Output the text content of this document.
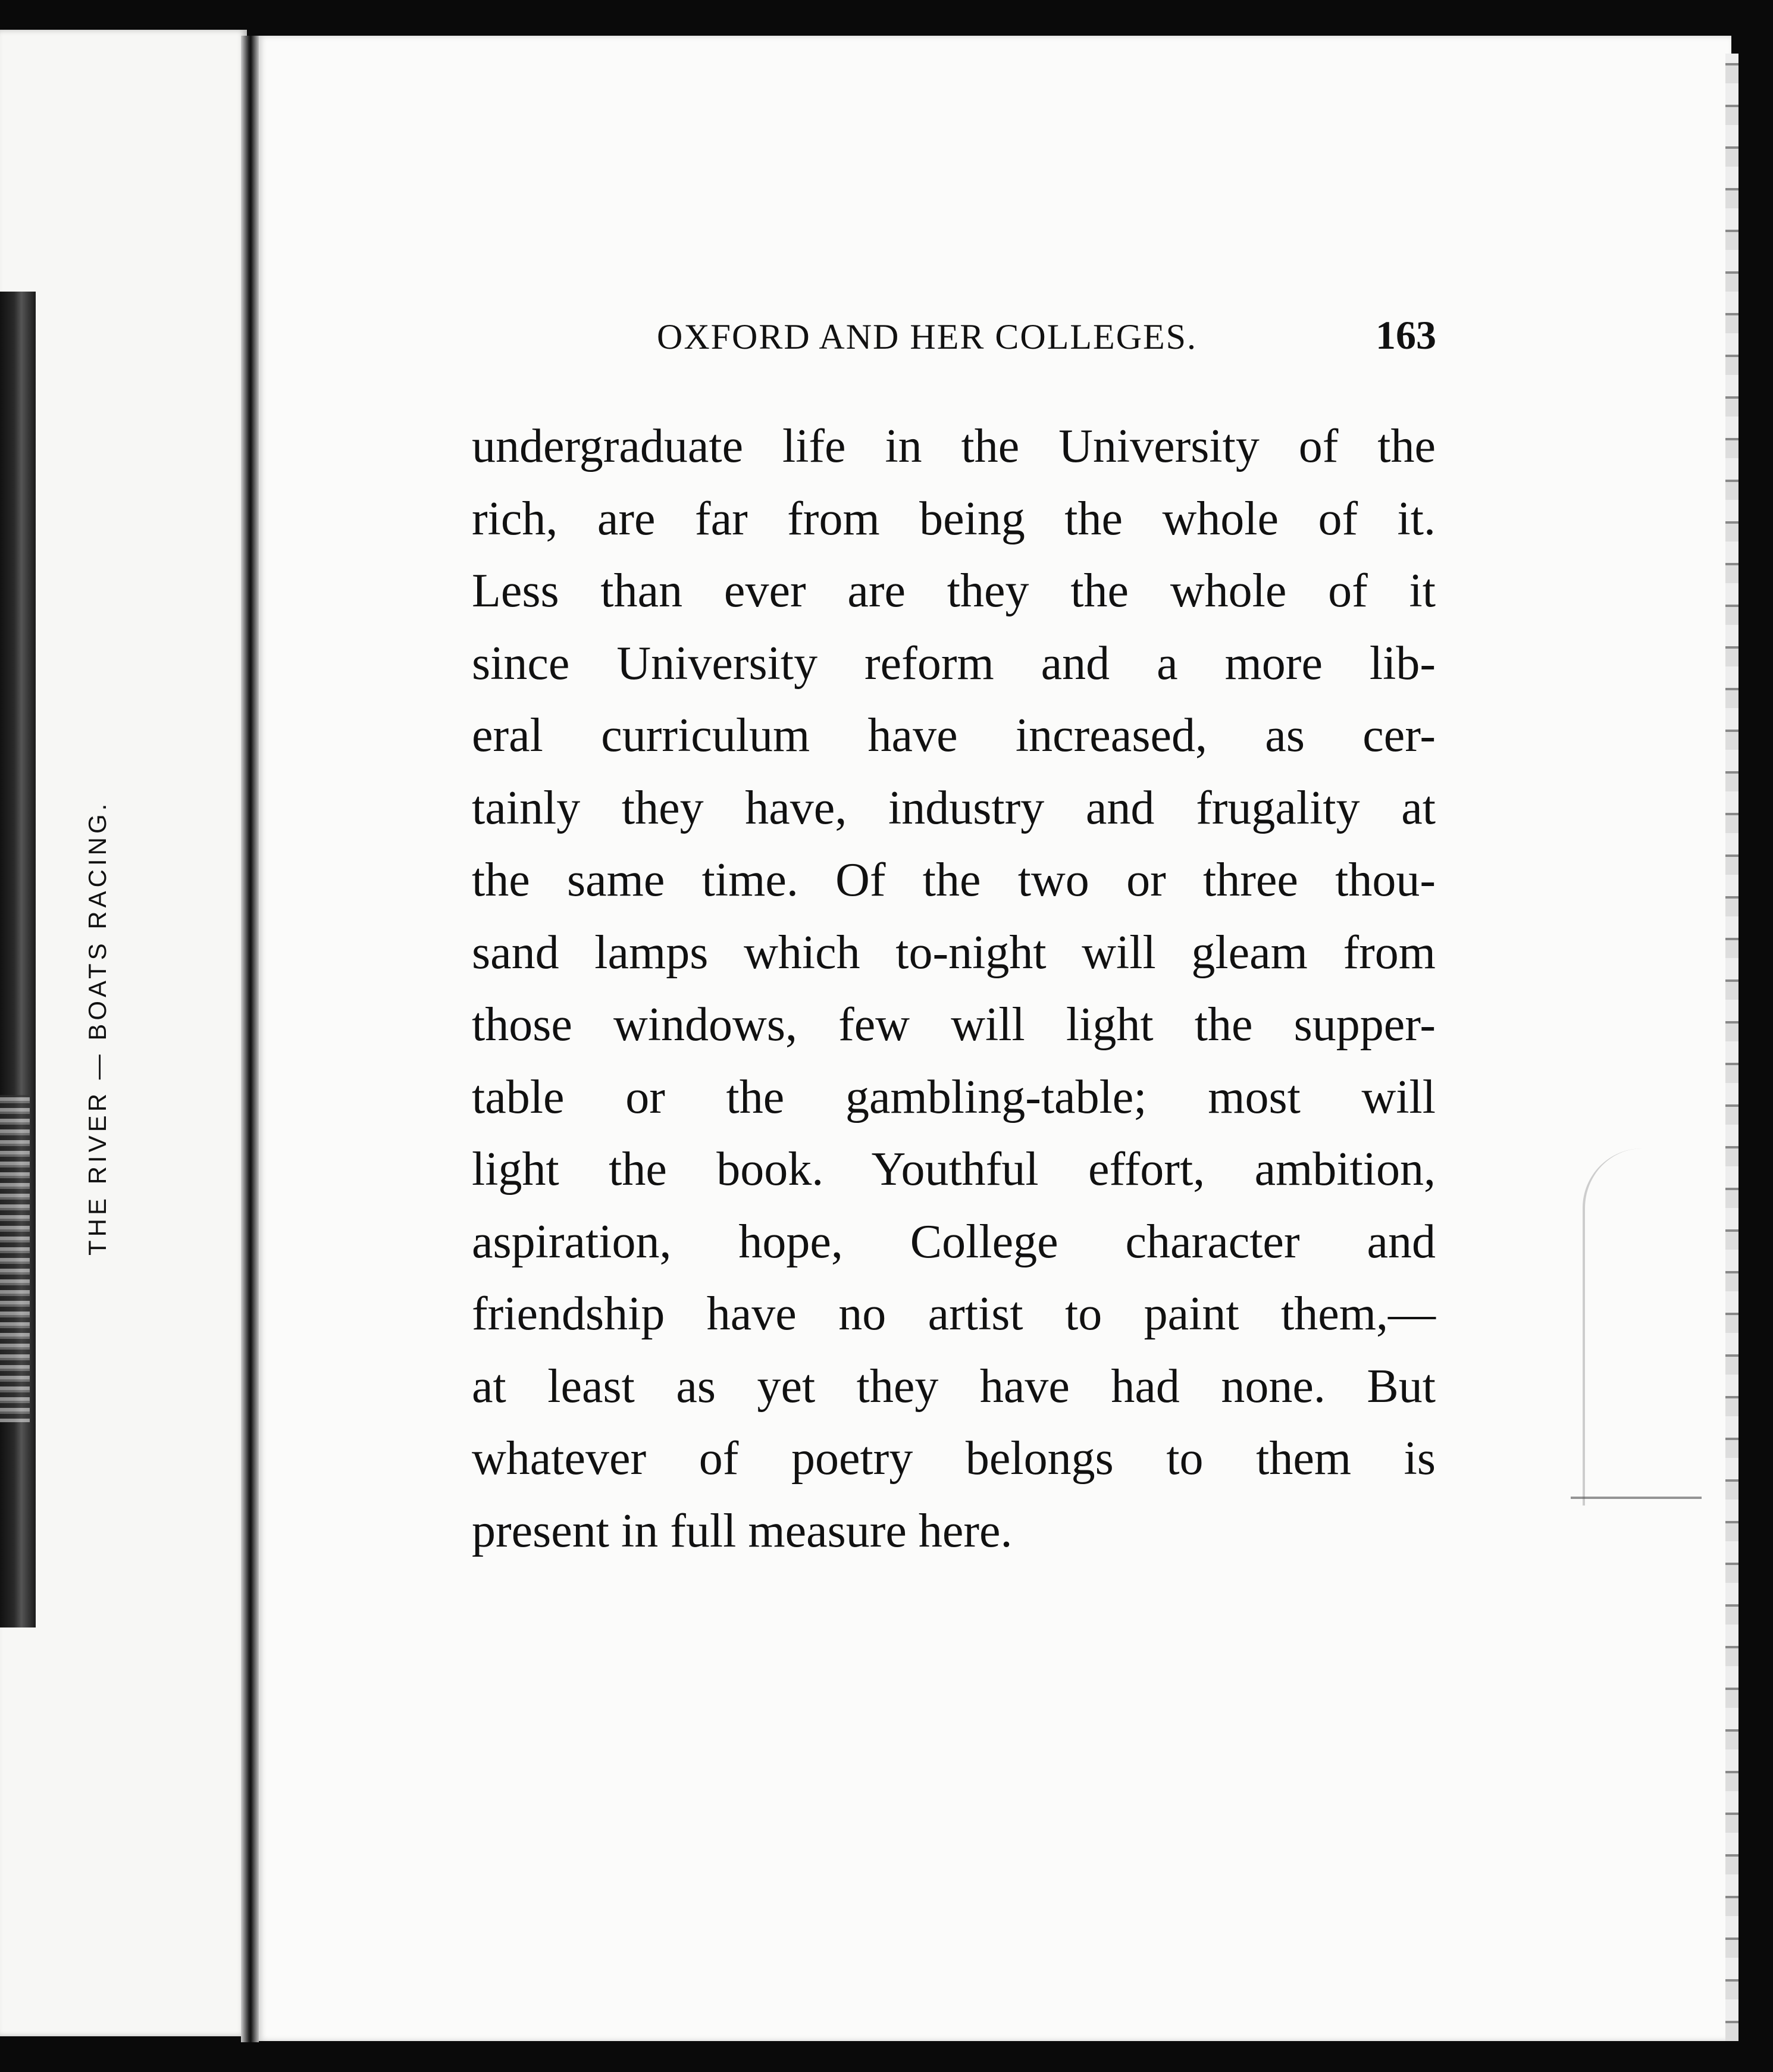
THE RIVER — BOATS RACING.
OXFORD AND HER COLLEGES.	163
undergraduate life in the University of the
rich, are far from being the whole of it.
Less than ever are they the whole of it
since University reform and a more lib-
eral curriculum have increased, as cer-
tainly they have, industry and frugality at
the same time. Of the two or three thou-
sand lamps which to-night will gleam from
those windows, few will light the supper-
table or the gambling-table; most will
light the book. Youthful effort, ambition,
aspiration, hope, College character and
friendship have no artist to paint them,—
at least as yet they have had none. But
whatever of poetry belongs to them is
present in full measure here.
